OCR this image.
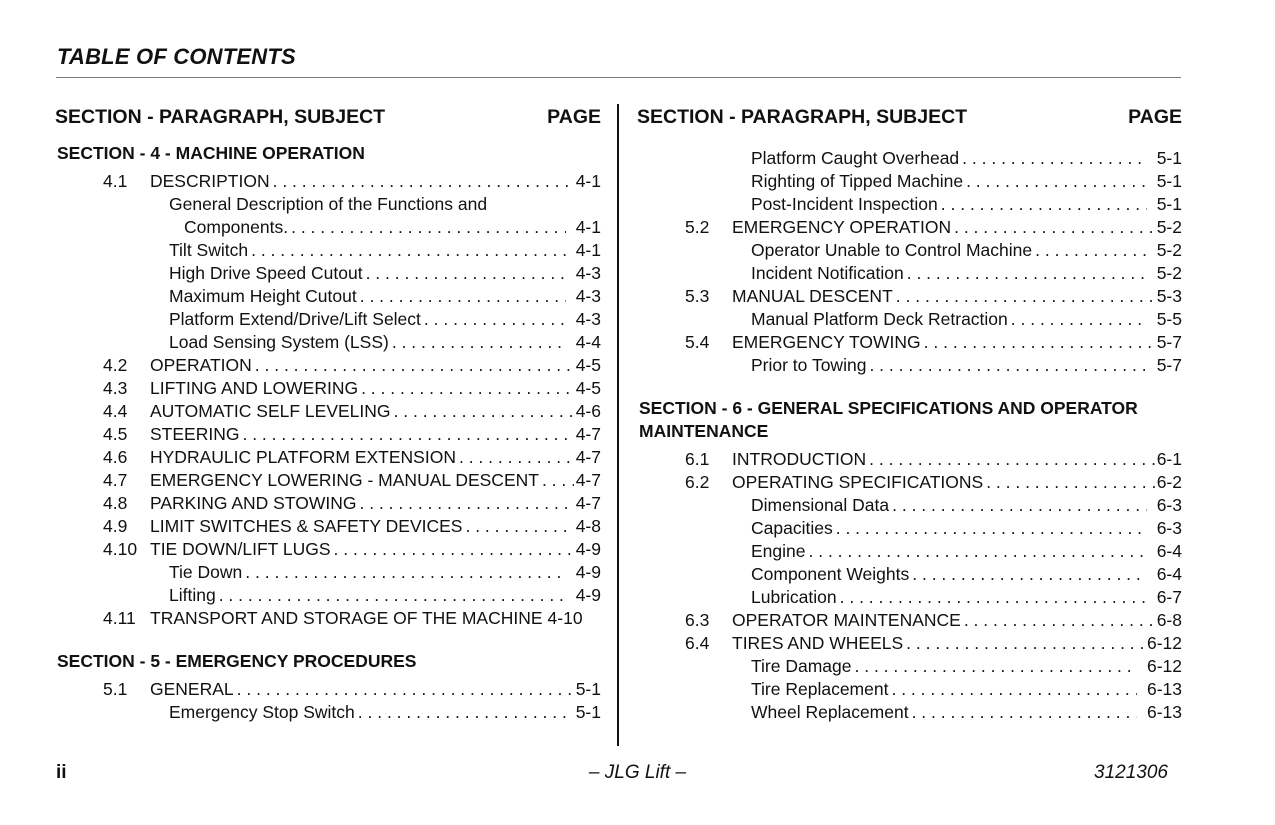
TABLE OF CONTENTS
SECTION - PARAGRAPH, SUBJECT	PAGE
SECTION - 4 - MACHINE OPERATION
4.1 DESCRIPTION . . .	4-1
General Description of the Functions and
Components. . . .	4-1
Tilt Switch . . .	4-1
High Drive Speed Cutout . . .	4-3
Maximum Height Cutout . . .	4-3
Platform Extend/Drive/Lift Select . . .	4-3
Load Sensing System (LSS) . . .	4-4
4.2 OPERATION . . .	4-5
4.3 LIFTING AND LOWERING . . .	4-5
4.4 AUTOMATIC SELF LEVELING . . .	4-6
4.5 STEERING . . .	4-7
4.6 HYDRAULIC PLATFORM EXTENSION . . .	4-7
4.7 EMERGENCY LOWERING - MANUAL DESCENT . . . 4-7
4.8 PARKING AND STOWING . . .	4-7
4.9 LIMIT SWITCHES & SAFETY DEVICES . . .	4-8
4.10 TIE DOWN/LIFT LUGS . . .	4-9
Tie Down . . .	4-9
Lifting . . .	4-9
4.11 TRANSPORT AND STORAGE OF THE MACHINE 4-10
SECTION - 5 - EMERGENCY PROCEDURES
5.1 GENERAL . . .	5-1
Emergency Stop Switch . . .	5-1
SECTION - PARAGRAPH, SUBJECT	PAGE
Platform Caught Overhead . . .	5-1
Righting of Tipped Machine . . .	5-1
Post-Incident Inspection . . .	5-1
5.2 EMERGENCY OPERATION . . .	5-2
Operator Unable to Control Machine . . .	5-2
Incident Notification . . .	5-2
5.3 MANUAL DESCENT . . .	5-3
Manual Platform Deck Retraction . . .	5-5
5.4 EMERGENCY TOWING . . .	5-7
Prior to Towing . . .	5-7
SECTION - 6 - GENERAL SPECIFICATIONS AND OPERATOR
MAINTENANCE
6.1 INTRODUCTION . . .	6-1
6.2 OPERATING SPECIFICATIONS . . .	6-2
Dimensional Data . . .	6-3
Capacities . . .	6-3
Engine . . .	6-4
Component Weights . . .	6-4
Lubrication . . .	6-7
6.3 OPERATOR MAINTENANCE . . .	6-8
6.4 TIRES AND WHEELS . . .	6-12
Tire Damage . . .	6-12
Tire Replacement . . .	6-13
Wheel Replacement . . .	6-13
ii	– JLG Lift –	3121306
